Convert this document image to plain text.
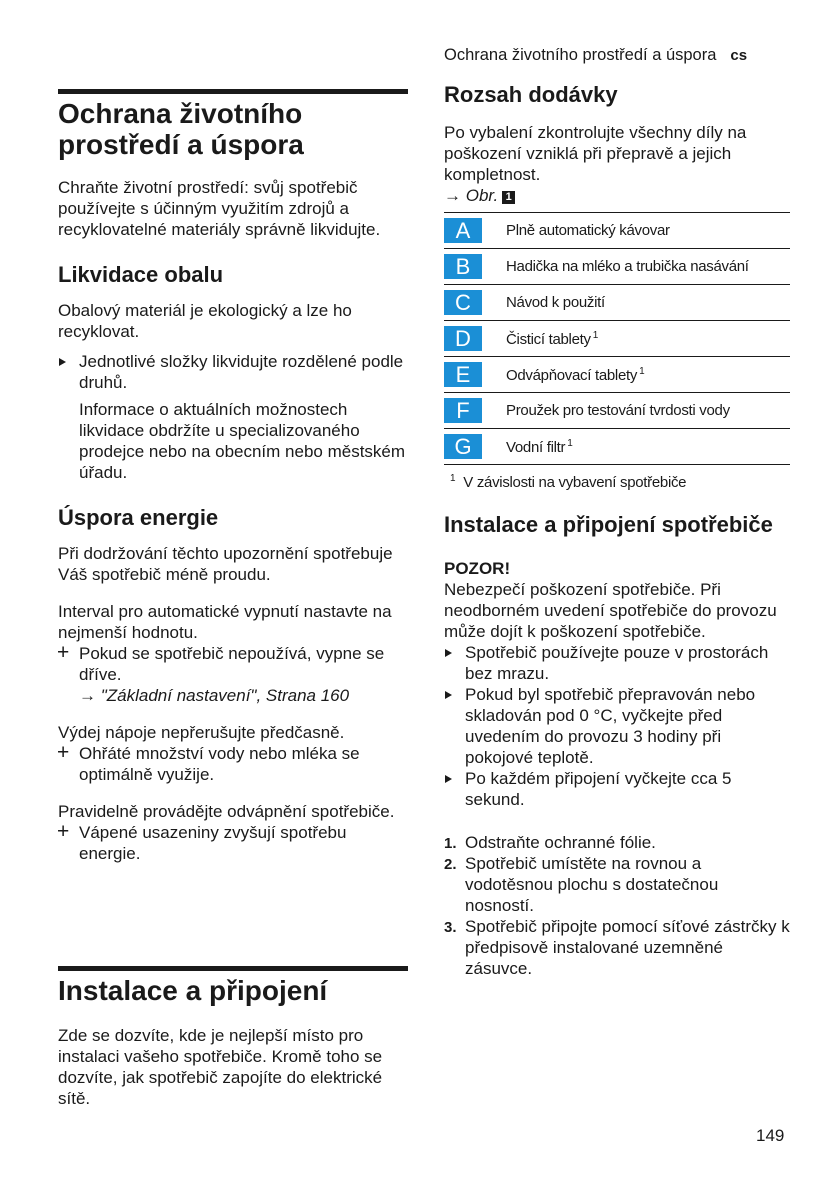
Ochrana životního prostředí a úspora cs
Ochrana životního prostředí a úspora

Chraňte životní prostředí: svůj spotřebič používejte s účinným využitím zdrojů a recyklovatelné materiály správně likvidujte.

Likvidace obalu

Obalový materiál je ekologický a lze ho recyklovat.

Jednotlivé složky likvidujte rozdělené podle druhů.
Informace o aktuálních možnostech likvidace obdržíte u specializovaného prodejce nebo na obecním nebo městském úřadu.
Úspora energie

Při dodržování těchto upozornění spotřebuje Váš spotřebič méně proudu.

Interval pro automatické vypnutí nastavte na nejmenší hodnotu.

+ Pokud se spotřebič nepoužívá, vypne se dříve.
→ "Základní nastavení", Strana 160

Výdej nápoje nepřerušujte předčasně.

+ Ohřáté množství vody nebo mléka se optimálně využije.

Pravidelně provádějte odvápnění spotřebiče.

+ Vápené usazeniny zvyšují spotřebu energie.
Instalace a připojení

Zde se dozvíte, kde je nejlepší místo pro instalaci vašeho spotřebiče. Kromě toho se dozvíte, jak spotřebič zapojíte do elektrické sítě.

Rozsah dodávky

Po vybalení zkontrolujte všechny díly na poškození vzniklá při přepravě a jejich kompletnost.

→ Obr. 1

A	Plně automatický kávovar

B	Hadička na mléko a trubička nasávání

C	Návod k použití

D	Čisticí tablety $^1$

E	Odvápňovací tablety $^1$

F	Proužek pro testování tvrdosti vody

G	Vodní filtr $^1$
$^1$ V závislosti na vybavení spotřebiče
Instalace a připojení spotřebiče
POZOR!

Nebezpečí poškození spotřebiče. Při neodborném uvedení spotřebiče do provozu může dojít k poškození spotřebiče.

Spotřebič používejte pouze v prostorách bez mrazu.
Pokud byl spotřebič přepravován nebo skladován pod 0 °C, vyčkejte před uvedením do provozu 3 hodiny při pokojové teplotě.
Po každém připojení vyčkejte cca 5 sekund.
1. Odstraňte ochranné fólie.
2. Spotřebič umístěte na rovnou a vodotěsnou plochu s dostatečnou nosností.
3. Spotřebič připojte pomocí síťové zástrčky k předpisově instalované uzemněné zásuvce.
149
